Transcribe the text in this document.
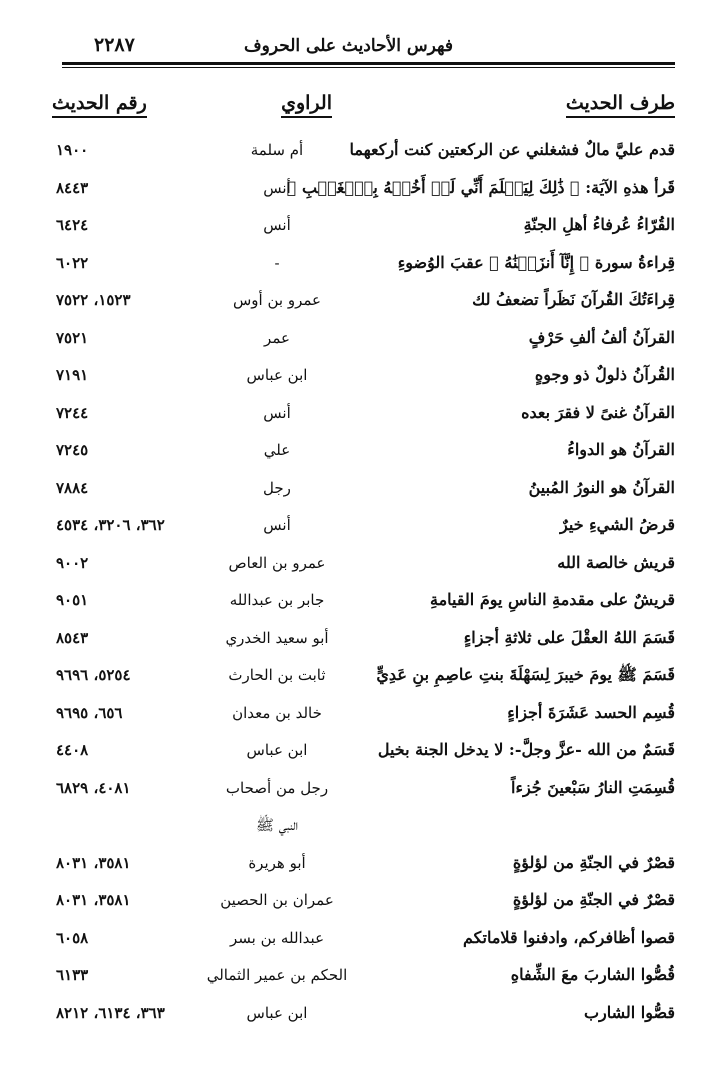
فهرس الأحاديث على الحروف
٢٢٨٧
طرف الحديث
الراوي
رقم الحديث
قدم عليَّ مالٌ فشغلني عن الركعتين كنت أركعهما
أم سلمة
١٩٠٠
قَرأ هذهِ الآيَة: ﴿ ذَٰلِكَ لِيَعۡلَمَ أَنِّي لَمۡ أَخُنۡهُ بِٱلۡغَيۡبِ ﴾
أنس
٨٤٤٣
القُرّاءُ عُرفاءُ أهلِ الجنّةِ
أنس
٦٤٢٤
قِراءةُ سورة ﴿ إِنَّآ أَنزَلۡنَٰهُ ﴾ عقبَ الوُضوءِ
-
٦٠٢٢
قِراءَتُكَ القُرآنَ نَظَراً تضعفُ لك
عمرو بن أوس
١٥٢٣، ٧٥٢٢
القرآنُ ألفُ ألفِ حَرْفٍ
عمر
٧٥٢١
القُرآنُ ذلولٌ ذو وجوهٍ
ابن عباس
٧١٩١
القرآنُ غنىً لا فقرَ بعده
أنس
٧٢٤٤
القرآنُ هو الدواءُ
علي
٧٢٤٥
القرآنُ هو النورُ المُبينُ
رجل
٧٨٨٤
قرضُ الشيءِ خيرٌ
أنس
٣٦٢، ٣٢٠٦، ٤٥٣٤
قريش خالصة الله
عمرو بن العاص
٩٠٠٢
قريشٌ على مقدمةِ الناسِ يومَ القيامةِ
جابر بن عبدالله
٩٠٥١
قَسَمَ اللهُ العقْلَ على ثلاثةِ أجزاءٍ
أبو سعيد الخدري
٨٥٤٣
قَسَمَ ﷺ يومَ خيبرَ لِسَهْلَةَ بنتِ عاصِمِ بنِ عَدِيٍّ
ثابت بن الحارث
٥٢٥٤، ٩٦٩٦
قُسِم الحسد عَشَرَةَ أجزاءٍ
خالد بن معدان
٦٥٦، ٩٦٩٥
قَسَمٌ من الله -عزَّ وجلَّ-: لا يدخل الجنة بخيل
ابن عباس
٤٤٠٨
قُسِمَتِ النارُ سَبْعينَ جُزءاً
رجل من أصحاب
٤٠٨١، ٦٨٢٩
النبي ﷺ
قصْرٌ في الجنّةِ من لؤلؤةٍ
أبو هريرة
٣٥٨١، ٨٠٣١
قصْرٌ في الجنّةِ من لؤلؤةٍ
عمران بن الحصين
٣٥٨١، ٨٠٣١
قصوا أظافركم، وادفنوا قلاماتكم
عبدالله بن بسر
٦٠٥٨
قُصُّوا الشاربَ معَ الشِّفاهِ
الحكم بن عمير الثمالي
٦١٣٣
قصُّوا الشارب
ابن عباس
٣٦٣، ٦١٣٤، ٨٢١٢
